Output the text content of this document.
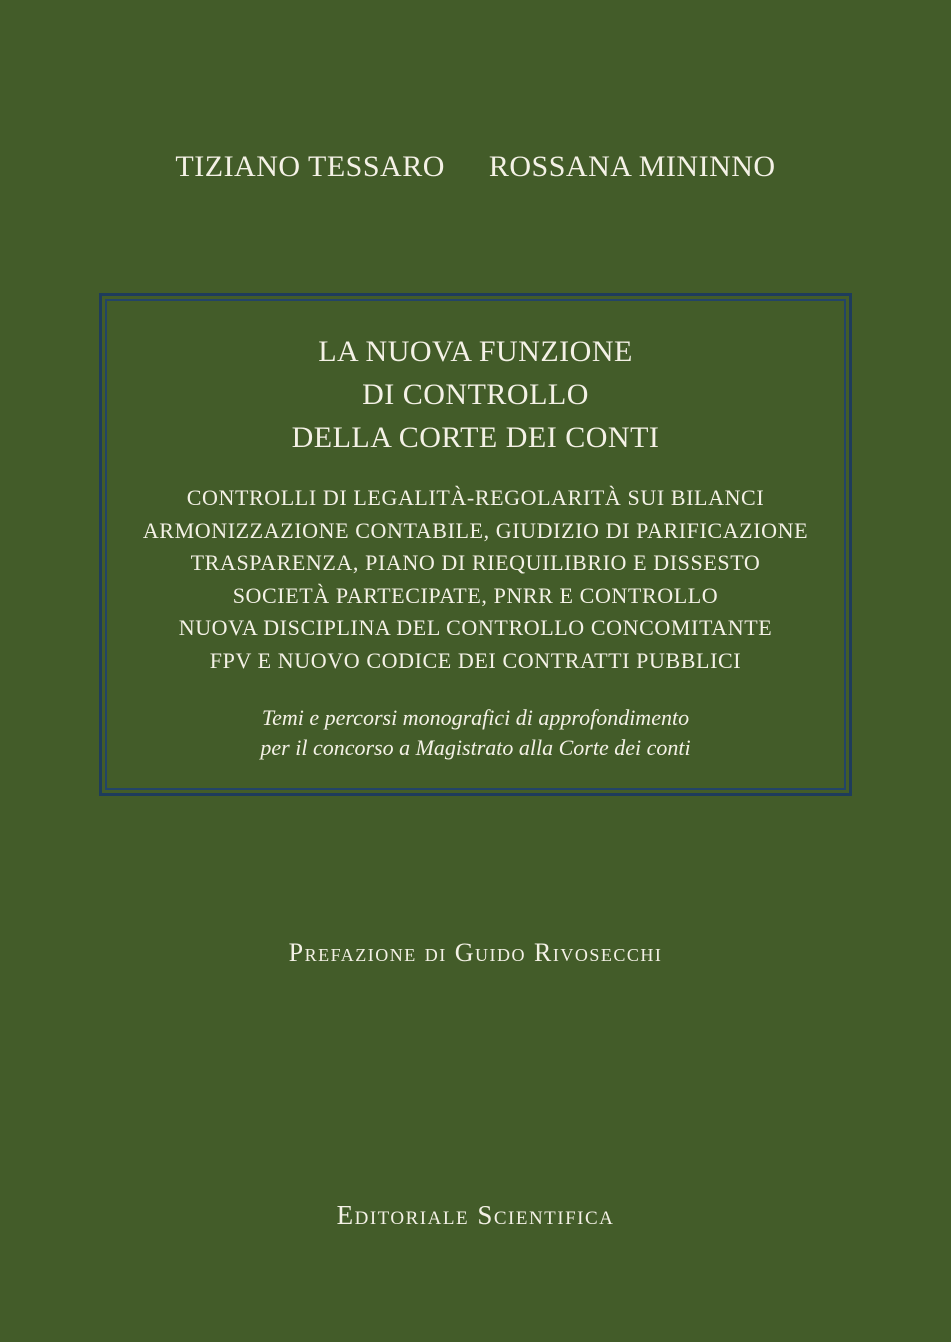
TIZIANO TESSARO ROSSANA MININNO
LA NUOVA FUNZIONE
DI CONTROLLO
DELLA CORTE DEI CONTI
CONTROLLI DI LEGALITÀ-REGOLARITÀ SUI BILANCI
ARMONIZZAZIONE CONTABILE, GIUDIZIO DI PARIFICAZIONE
TRASPARENZA, PIANO DI RIEQUILIBRIO E DISSESTO
SOCIETÀ PARTECIPATE, PNRR E CONTROLLO
NUOVA DISCIPLINA DEL CONTROLLO CONCOMITANTE
FPV E NUOVO CODICE DEI CONTRATTI PUBBLICI
Temi e percorsi monografici di approfondimento
per il concorso a Magistrato alla Corte dei conti
Prefazione di Guido Rivosecchi
Editoriale Scientifica
